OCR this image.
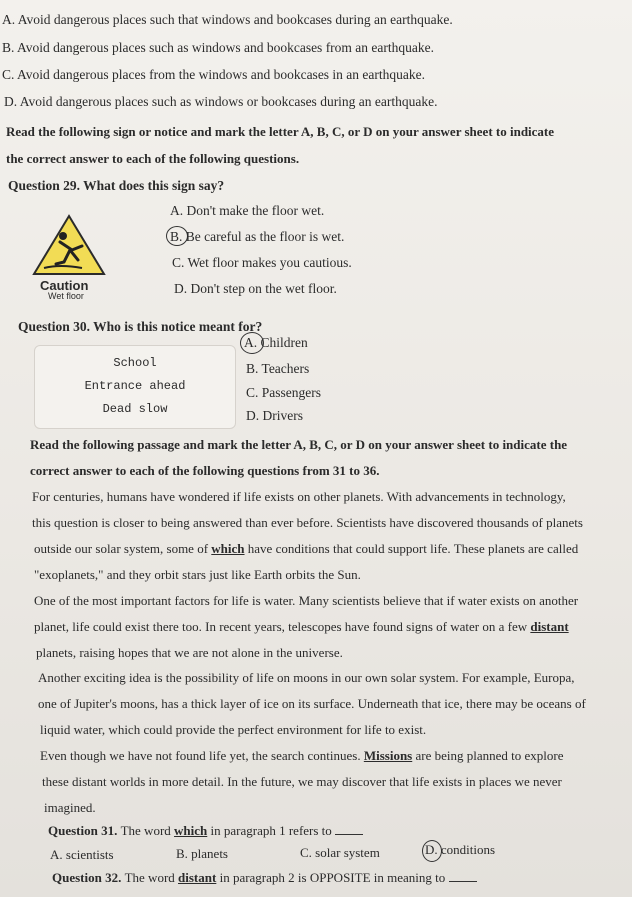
A. Avoid dangerous places such that windows and bookcases during an earthquake.
B. Avoid dangerous places such as windows and bookcases from an earthquake.
C. Avoid dangerous places from the windows and bookcases in an earthquake.
D. Avoid dangerous places such as windows or bookcases during an earthquake.
Read the following sign or notice and mark the letter A, B, C, or D on your answer sheet to indicate
the correct answer to each of the following questions.
Question 29. What does this sign say?
Caution
Wet floor
A. Don't make the floor wet.
B. Be careful as the floor is wet.
C. Wet floor makes you cautious.
D. Don't step on the wet floor.
Question 30. Who is this notice meant for?
School
Entrance ahead
Dead slow
A. Children
B. Teachers
C. Passengers
D. Drivers
Read the following passage and mark the letter A, B, C, or D on your answer sheet to indicate the
correct answer to each of the following questions from 31 to 36.
For centuries, humans have wondered if life exists on other planets. With advancements in technology,
this question is closer to being answered than ever before. Scientists have discovered thousands of planets
outside our solar system, some of which have conditions that could support life. These planets are called
"exoplanets," and they orbit stars just like Earth orbits the Sun.
One of the most important factors for life is water. Many scientists believe that if water exists on another
planet, life could exist there too. In recent years, telescopes have found signs of water on a few distant
planets, raising hopes that we are not alone in the universe.
Another exciting idea is the possibility of life on moons in our own solar system. For example, Europa,
one of Jupiter's moons, has a thick layer of ice on its surface. Underneath that ice, there may be oceans of
liquid water, which could provide the perfect environment for life to exist.
Even though we have not found life yet, the search continues. Missions are being planned to explore
these distant worlds in more detail. In the future, we may discover that life exists in places we never
imagined.
Question 31. The word which in paragraph 1 refers to
A. scientists	B. planets	C. solar system	D. conditions
Question 32. The word distant in paragraph 2 is OPPOSITE in meaning to
